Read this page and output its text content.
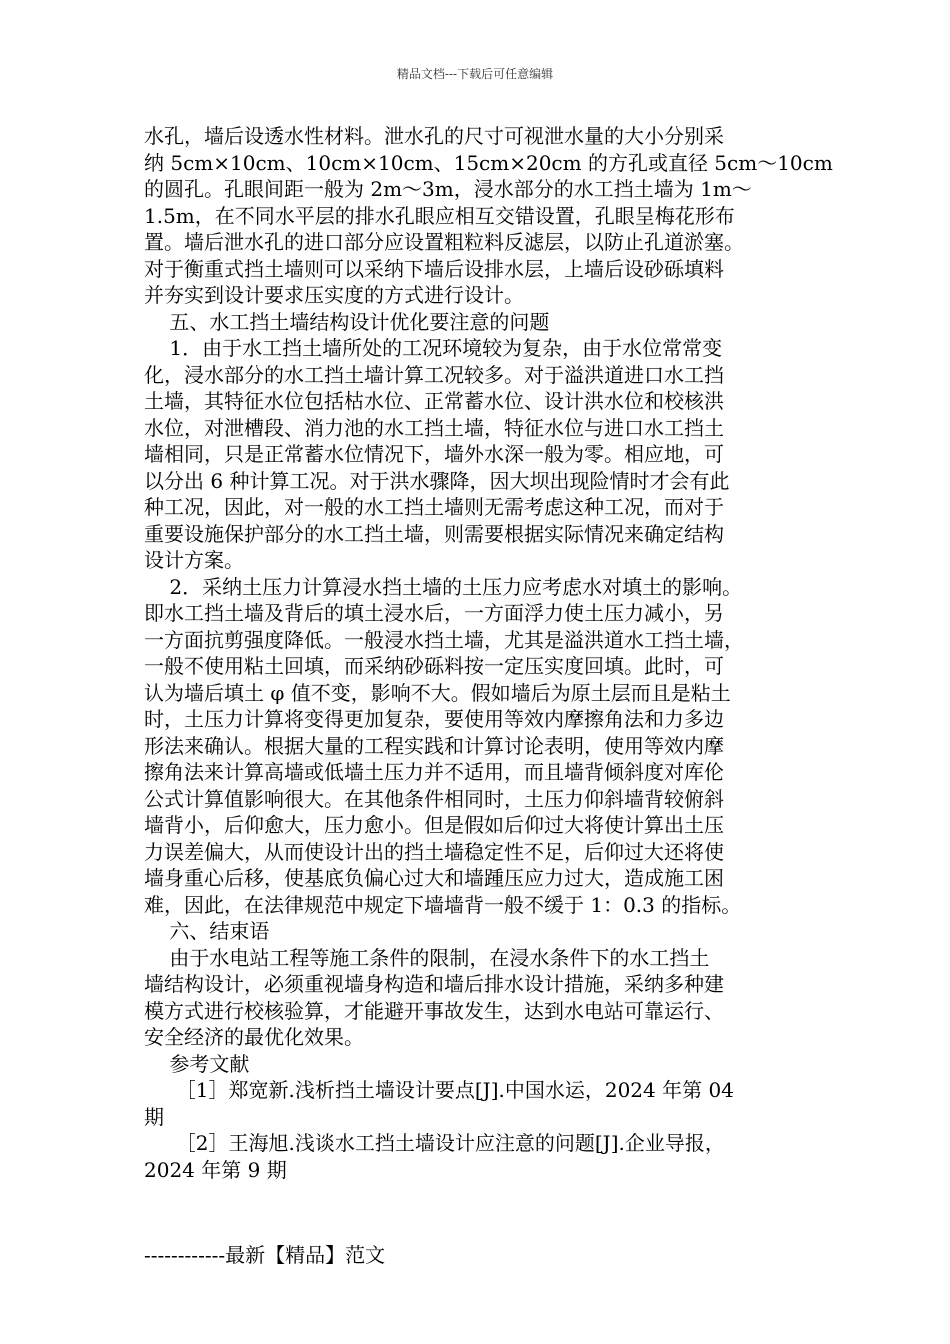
精品文档---下载后可任意编辑
水孔，墙后设透水性材料。泄水孔的尺寸可视泄水量的大小分别采
纳 5cm×10cm、10cm×10cm、15cm×20cm 的方孔或直径 5cm～10cm
的圆孔。孔眼间距一般为 2m～3m，浸水部分的水工挡土墙为 1m～
1.5m，在不同水平层的排水孔眼应相互交错设置，孔眼呈梅花形布
置。墙后泄水孔的进口部分应设置粗粒料反滤层，以防止孔道淤塞。
对于衡重式挡土墙则可以采纳下墙后设排水层，上墙后设砂砾填料
并夯实到设计要求压实度的方式进行设计。
五、水工挡土墙结构设计优化要注意的问题
1．由于水工挡土墙所处的工况环境较为复杂，由于水位常常变
化，浸水部分的水工挡土墙计算工况较多。对于溢洪道进口水工挡
土墙，其特征水位包括枯水位、正常蓄水位、设计洪水位和校核洪
水位，对泄槽段、消力池的水工挡土墙，特征水位与进口水工挡土
墙相同，只是正常蓄水位情况下，墙外水深一般为零。相应地，可
以分出 6 种计算工况。对于洪水骤降，因大坝出现险情时才会有此
种工况，因此，对一般的水工挡土墙则无需考虑这种工况，而对于
重要设施保护部分的水工挡土墙，则需要根据实际情况来确定结构
设计方案。
2．采纳土压力计算浸水挡土墙的土压力应考虑水对填土的影响。
即水工挡土墙及背后的填土浸水后，一方面浮力使土压力减小，另
一方面抗剪强度降低。一般浸水挡土墙，尤其是溢洪道水工挡土墙，
一般不使用粘土回填，而采纳砂砾料按一定压实度回填。此时，可
认为墙后填土 φ 值不变，影响不大。假如墙后为原土层而且是粘土
时，土压力计算将变得更加复杂，要使用等效内摩擦角法和力多边
形法来确认。根据大量的工程实践和计算讨论表明，使用等效内摩
擦角法来计算高墙或低墙土压力并不适用，而且墙背倾斜度对库伦
公式计算值影响很大。在其他条件相同时，土压力仰斜墙背较俯斜
墙背小，后仰愈大，压力愈小。但是假如后仰过大将使计算出土压
力误差偏大，从而使设计出的挡土墙稳定性不足，后仰过大还将使
墙身重心后移，使基底负偏心过大和墙踵压应力过大，造成施工困
难，因此，在法律规范中规定下墙墙背一般不缓于 1：0.3 的指标。
六、结束语
由于水电站工程等施工条件的限制，在浸水条件下的水工挡土
墙结构设计，必须重视墙身构造和墙后排水设计措施，采纳多种建
模方式进行校核验算，才能避开事故发生，达到水电站可靠运行、
安全经济的最优化效果。
参考文献
［1］郑宽新.浅析挡土墙设计要点[J].中国水运，2024 年第 04
期
［2］王海旭.浅谈水工挡土墙设计应注意的问题[J].企业导报，
2024 年第 9 期
------------最新【精品】范文
